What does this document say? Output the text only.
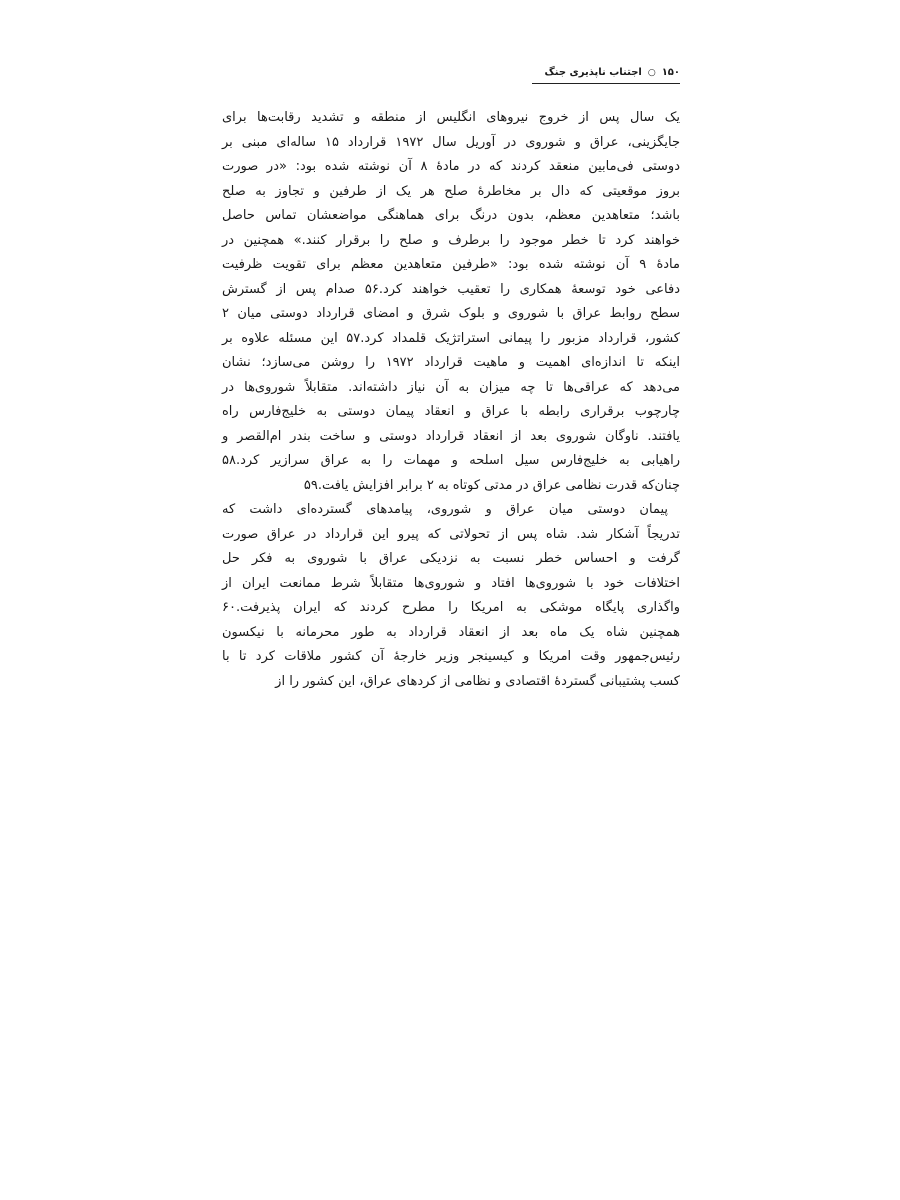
۱۵۰
○
اجتناب ناپذیری جنگ

یک سال پس از خروج نیروهای انگلیس از منطقه و تشدید رقابت‌ها برای
جایگزینی، عراق و شوروی در آوریل سال ۱۹۷۲ قرارداد ۱۵ ساله‌ای مبنی بر
دوستی فی‌مابین منعقد کردند که در مادهٔ ۸ آن نوشته شده بود: «در صورت
بروز موقعیتی که دال بر مخاطرهٔ صلح هر یک از طرفین و تجاوز به صلح
باشد؛ متعاهدین معظم، بدون درنگ برای هماهنگی مواضعشان تماس حاصل
خواهند کرد تا خطر موجود را برطرف و صلح را برقرار کنند.» همچنین در
مادهٔ ۹ آن نوشته شده بود: «طرفین متعاهدین معظم برای تقویت ظرفیت
دفاعی خود توسعهٔ همکاری را تعقیب خواهند کرد.۵۶ صدام پس از گسترش
سطح روابط عراق با شوروی و بلوک شرق و امضای قرارداد دوستی میان ۲
کشور، قرارداد مزبور را پیمانی استراتژیک قلمداد کرد.۵۷ این مسئله علاوه بر
اینکه تا اندازه‌ای اهمیت و ماهیت قرارداد ۱۹۷۲ را روشن می‌سازد؛ نشان
می‌دهد که عراقی‌ها تا چه میزان به آن نیاز داشته‌اند. متقابلاً شوروی‌ها در
چارچوب برقراری رابطه با عراق و انعقاد پیمان دوستی به خلیج‌فارس راه
یافتند. ناوگان شوروی بعد از انعقاد قرارداد دوستی و ساخت بندر ام‌القصر و
راهیابی به خلیج‌فارس سیل اسلحه و مهمات را به عراق سرازیر کرد.۵۸
چنان‌که قدرت نظامی عراق در مدتی کوتاه به ۲ برابر افزایش یافت.۵۹

پیمان دوستی میان عراق و شوروی، پیامدهای گسترده‌ای داشت که
تدریجاً آشکار شد. شاه پس از تحولاتی که پیرو این قرارداد در عراق صورت
گرفت و احساس خطر نسبت به نزدیکی عراق با شوروی به فکر حل
اختلافات خود با شوروی‌ها افتاد و شوروی‌ها متقابلاً شرط ممانعت ایران از
واگذاری پایگاه موشکی به امریکا را مطرح کردند که ایران پذیرفت.۶۰
همچنین شاه یک ماه بعد از انعقاد قرارداد به طور محرمانه با نیکسون
رئیس‌جمهور وقت امریکا و کیسینجر وزیر خارجهٔ آن کشور ملاقات کرد تا با
کسب پشتیبانی گستردهٔ اقتصادی و نظامی از کردهای عراق، این کشور را از
